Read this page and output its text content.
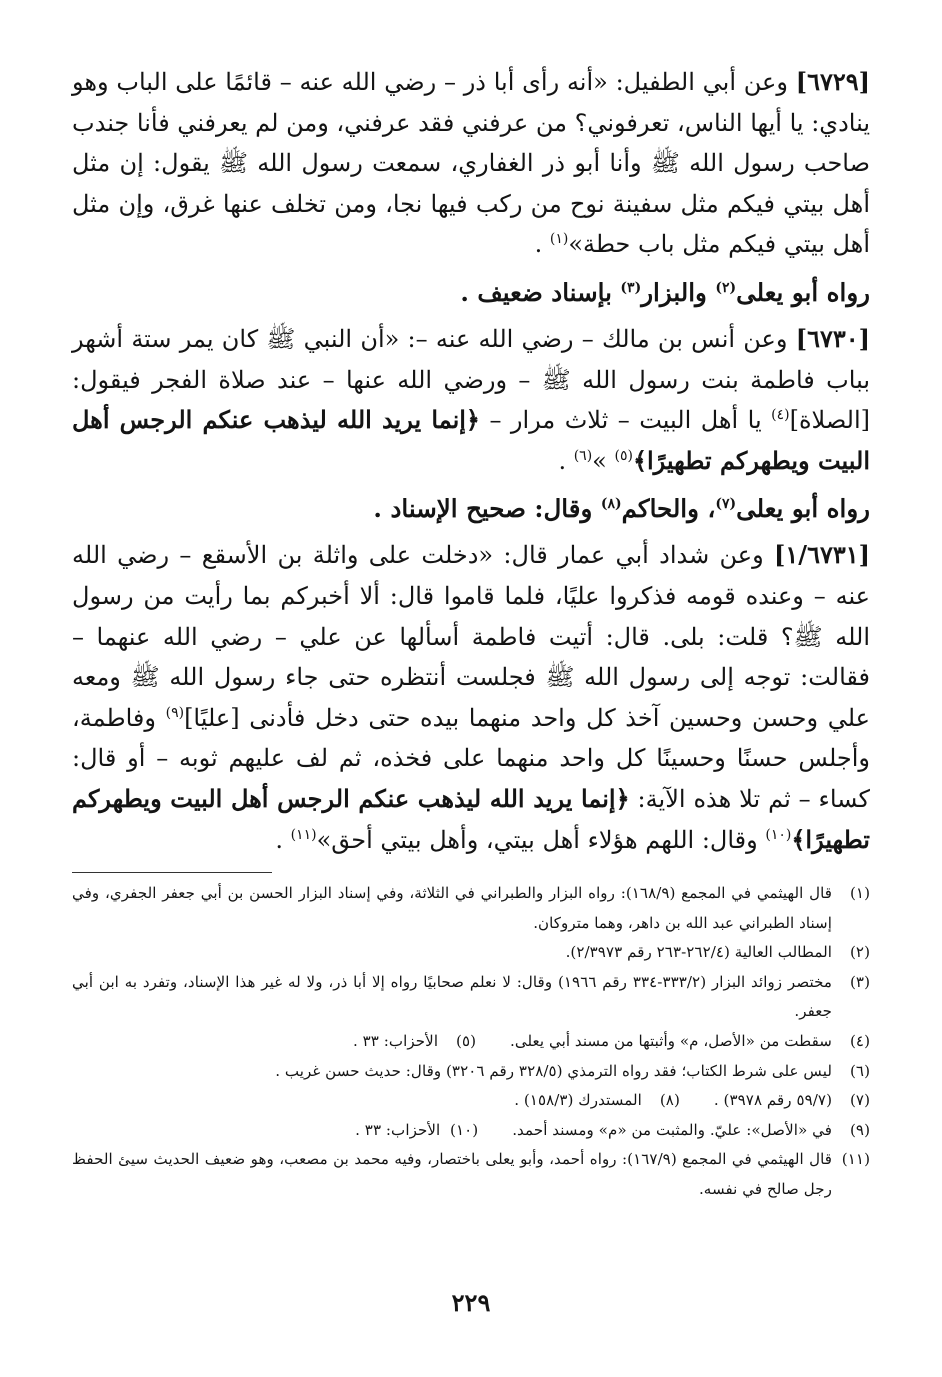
[٦٧٢٩] وعن أبي الطفيل: «أنه رأى أبا ذر – رضي الله عنه – قائمًا على الباب وهو ينادي: يا أيها الناس، تعرفوني؟ من عرفني فقد عرفني، ومن لم يعرفني فأنا جندب صاحب رسول الله ﷺ وأنا أبو ذر الغفاري، سمعت رسول الله ﷺ يقول: إن مثل أهل بيتي فيكم مثل سفينة نوح من ركب فيها نجا، ومن تخلف عنها غرق، وإن مثل أهل بيتي فيكم مثل باب حطة»$^{(١)}$ .

رواه أبو يعلى$^{(٢)}$ والبزار$^{(٣)}$ بإسناد ضعيف .

[٦٧٣٠] وعن أنس بن مالك – رضي الله عنه –: «أن النبي ﷺ كان يمر ستة أشهر بباب فاطمة بنت رسول الله ﷺ – ورضي الله عنها – عند صلاة الفجر فيقول: [الصلاة]$^{(٤)}$ يا أهل البيت – ثلاث مرار – ﴿إنما يريد الله ليذهب عنكم الرجس أهل البيت ويطهركم تطهيرًا﴾$^{(٥)}$ »$^{(٦)}$ .

رواه أبو يعلى$^{(٧)}$، والحاكم$^{(٨)}$ وقال: صحيح الإسناد .

[١/٦٧٣١] وعن شداد أبي عمار قال: «دخلت على واثلة بن الأسقع – رضي الله عنه – وعنده قومه فذكروا عليًا، فلما قاموا قال: ألا أخبركم بما رأيت من رسول الله ﷺ؟ قلت: بلى. قال: أتيت فاطمة أسألها عن علي – رضي الله عنهما – فقالت: توجه إلى رسول الله ﷺ فجلست أنتظره حتى جاء رسول الله ﷺ ومعه علي وحسن وحسين آخذ كل واحد منهما بيده حتى دخل فأدنى [عليًا]$^{(٩)}$ وفاطمة، وأجلس حسنًا وحسينًا كل واحد منهما على فخذه، ثم لف عليهم ثوبه – أو قال: كساء – ثم تلا هذه الآية: ﴿إنما يريد الله ليذهب عنكم الرجس أهل البيت ويطهركم تطهيرًا﴾$^{(١٠)}$ وقال: اللهم هؤلاء أهل بيتي، وأهل بيتي أحق»$^{(١١)}$ .

(١)
قال الهيثمي في المجمع (١٦٨/٩): رواه البزار والطبراني في الثلاثة، وفي إسناد البزار الحسن بن أبي جعفر الجفري، وفي إسناد الطبراني عبد الله بن داهر، وهما متروكان.
(٢)
المطالب العالية (٢٦٢/٤-٢٦٣ رقم ٢/٣٩٧٣).
(٣)
مختصر زوائد البزار (٣٣٣/٢-٣٣٤ رقم ١٩٦٦) وقال: لا نعلم صحابيًا رواه إلا أبا ذر، ولا له غير هذا الإسناد، وتفرد به ابن أبي جعفر.
(٤)
سقطت من «الأصل، م» وأثبتها من مسند أبي يعلى.
(٥)
الأحزاب: ٣٣ .
(٦)
ليس على شرط الكتاب؛ فقد رواه الترمذي (٣٢٨/٥ رقم ٣٢٠٦) وقال: حديث حسن غريب .
(٧)
(٥٩/٧ رقم ٣٩٧٨) .
(٨)
المستدرك (١٥٨/٣) .
(٩)
في «الأصل»: عليّ. والمثبت من «م» ومسند أحمد.
(١٠)
الأحزاب: ٣٣ .
(١١)
قال الهيثمي في المجمع (١٦٧/٩): رواه أحمد، وأبو يعلى باختصار، وفيه محمد بن مصعب، وهو ضعيف الحديث سيئ الحفظ رجل صالح في نفسه.
٢٢٩
